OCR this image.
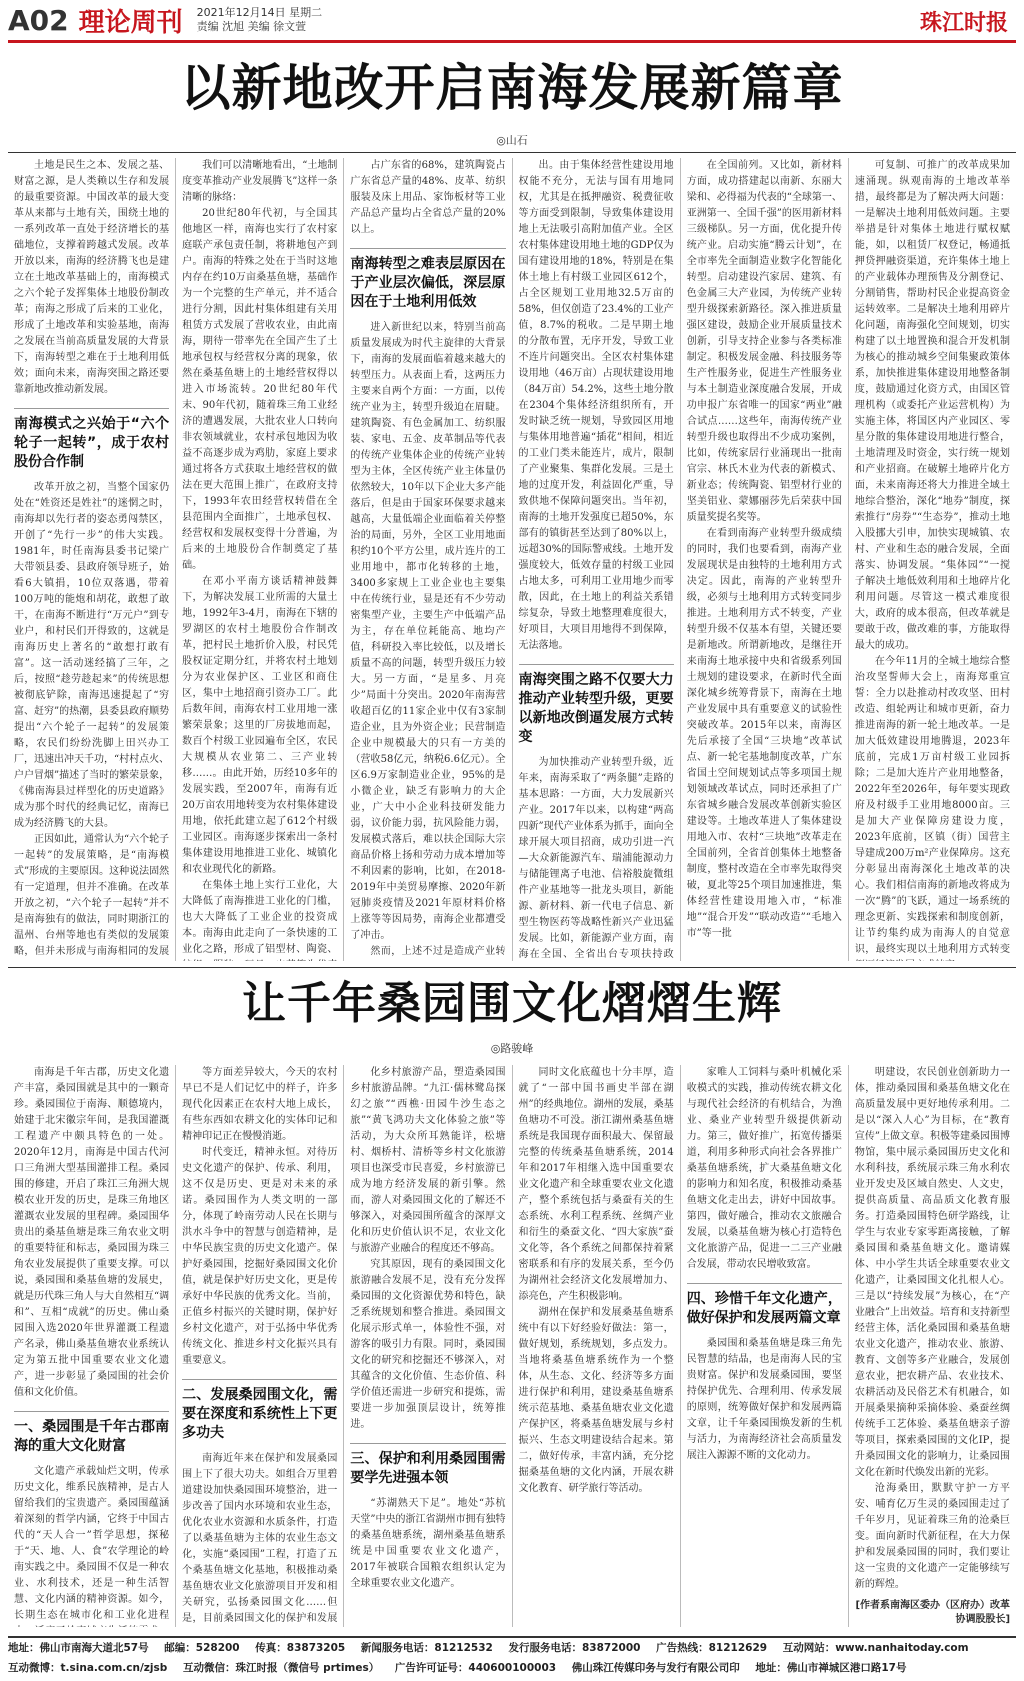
A02 理论周刊 2021年12月14日 星期二
责编 沈旭 美编 徐文萱	珠江时报
以新地改开启南海发展新篇章
◎山石

土地是民生之本、发展之基、财富之源，是人类赖以生存和发展的最重要资源。中国改革的最大变革从来都与土地有关，围绕土地的一系列改革一直处于经济增长的基础地位，支撑着跨越式发展。改革开放以来，南海的经济腾飞也是建立在土地改革基础上的，南海模式之六个轮子发挥集体土地股份制改革；南海之形成了后来的工业化，形成了土地改革和实验基地，南海之发展在当前高质量发展的大背景下，南海转型之难在于土地利用低效；面向未来，南海突围之路还要靠新地改推动新发展。

南海模式之兴始于“六个轮子一起转”，成于农村股份合作制

改革开放之初，当整个国家仍处在“姓资还是姓社”的迷惘之时，南海却以先行者的姿态勇闯禁区，开创了“先行一步”的伟大实践。1981年，时任南海县委书记梁广大带领县委、县政府领导班子，始看6大镇捐，10位双落遇，带着100万吨的能炮和胡花，敢想了敢干，在南海不断进行“万元户”到专业户，和村民们开得致的，这就是南海历史上著名的“敢想打敢有富”。这一活动迷经搞了三年，之后，按照“趁劳趁起来”的传统思想被彻底铲除，南海迅速提起了“穷富、赶穷”的热潮，县委县政府顺势提出“六个轮子一起转”的发展策略，农民们纷纷洗脚上田兴办工厂，迅速出冲天千功，“村村点火、户户冒烟”描述了当时的繁荣景象，《佛南海县过样型化的历史道路》成为那个时代的经典记忆，南海已成为经济腾飞的大县。

正因如此，通常认为“六个轮子一起转”的发展策略，是“南海模式”形成的主要原因。这种说法固然有一定道理，但并不准确。在改革开放之初，“六个轮子一起转”并不是南海独有的做法，同时期浙江的温州、台州等地也有类似的发展策略，但并未形成与南海相同的发展

我们可以清晰地看出，“土地制度变革推动产业发展腾飞”这样一条清晰的脉络：

20世纪80年代初，与全国其他地区一样，南海也实行了农村家庭联产承包责任制，将耕地包产到户。南海的特殊之处在于当时这地内存在约10万亩桑基鱼塘，基础作为一个完整的生产单元，并不适合进行分割，因此村集体组建有关用租赁方式发展了营收农业，由此南海，期待一带率先在全国产生了土地承包权与经营权分离的现象，依然在桑基鱼塘上的土地经营权得以进入市场流转。20世纪80年代末、90年代初，随着珠三角工业经济的遭遇发展，大批农业人口转向非农领域就业，农村承包地因为收益不高逐步成为鸡肋，家庭上要求通过将各方式获取土地经营权的做法在更大范围上推广，在政府支持下，1993年农田经营权转借在全县范围内全面推广，土地承包权、经营权和发展权变得十分普遍，为后来的土地股份合作制奠定了基础。

在邓小平南方谈话精神鼓舞下，为解决发展工业所需的大量土地，1992年3-4月，南海在下辖的罗湖区的农村土地股份合作制改革，把村民土地折价入股，村民凭股权证定期分红，并将农村土地划分为农业保护区、工业区和商住区，集中土地招商引资办工厂。此后数年间，南海农村工业用地一涨繁荣景象；这里的厂房拔地而起，数百个村级工业园遍布全区，农民大规模从农业第二、三产业转移……。由此开始，历经10多年的发展实践，至2007年，南海有近20万亩农用地转变为农村集体建设用地，依托此建立起了612个村级工业园区。南海逐步探索出一条村集体建设用地推进工业化、城镇化和农业现代化的新路。

在集体土地上实行工业化，大大降低了南海推进工业化的门槛，也大大降低了工业企业的投资成本。南海由此走向了一条快速的工业化之路，形成了铝型材、陶瓷、

占广东省的68%，建筑陶瓷占广东省总产量的48%、皮革、纺织服装及床上用品、家饰板材等工业产品总产量均占全省总产量的20%以上。

南海转型之难表层原因在于产业层次偏低，深层原因在于土地利用低效

进入新世纪以来，特别当前高质量发展成为时代主旋律的大背景下，南海的发展面临着越来越大的转型压力。从表面上看，这两压力主要来自两个方面：一方面，以传统产业为主，转型升级迫在眉睫。建筑陶瓷、有色金属加工、纺织服装、家电、五金、皮革制品等代表的传统产业集体企业的传统产业转型为主体，全区传统产业主体量仍依然较大，10年以下企业大多产能落后，但是由于国家环保要求越来越高，大量低端企业面临着关停整治的局面，另外，全区工业用地面积约10个平方公里，成片连片的工业用地中，都市化转移的土地，3400多家规上工业企业也主要集中在传统行业，显是还有不少劳动密集型产业，主要生产中低端产品为主，存在单位耗能高、地均产值，科研投入率比较低，以及增长质量不高的问题，转型升级压力较大。另一方面，“是星多、月亮少”局面十分突出。2020年南海营收超百亿的11家企业中仅有3家制造企业，且为外资企业；民营制造企业中规模最大的只有一方美的（营收58亿元，纳税6.6亿元）。全区6.9万家制造业企业，95%的是小微企业，缺乏有影响力的大企业，广大中小企业科技研发能力弱，议价能力弱，抗风险能力弱，发展模式落后，难以扶企国际大宗商品价格上扬和劳动力成本增加等不利因素的影响，比如，在2018-2019年中美贸易摩擦、2020年新冠肺炎疫情及2021年原材料价格上涨等等因局势，南海企业都遭受了冲击。

然而，上述不过是造成产业转

出。由于集体经营性建设用地权能不充分，无法与国有用地同权，尤其是在抵押融资、税费征收等方面受到限制，导致集体建设用地上无法吸引高附加值产业。全区农村集体建设用地土地的GDP仅为国有建设用地的18%，特别是在集体土地上有村级工业园区612个，占全区规划工业用地32.5万亩的58%，但仅创造了23.4%的工业产值，8.7%的税收。二是早期土地的分散布置，无序开发，导致工业不连片问题突出。全区农村集体建设用地（46万亩）占现状建设用地（84万亩）54.2%，这些土地分散在2304个集体经济组织所有，开发时缺乏统一规划，导致园区用地与集体用地普遍“插花”相间，相近的工业门类未能连片，成片，限制了产业聚集、集群化发展。三是土地的过度开发，利益固化严重，导致供地不保障问题突出。当年初，南海的土地开发强度已超50%，东部有的镇街甚至达到了80%以上，远超30%的国际警戒线。土地开发强度较大，低效存量的村级工业园占地太多，可利用工业用地少而零散，因此，在土地上的利益关系错综复杂，导致土地整理难度很大，好项目，大项目用地得不到保障，无法落地。

南海突围之路不仅要大力推动产业转型升级，更要以新地改倒逼发展方式转变

为加快推动产业转型升级，近年来，南海采取了“两条腿”走路的基本思路：一方面，大力发展新兴产业。2017年以来，以构建“两高四新”现代产业体系为抓手，面向全球开展大项目招商，成功引进一汽—大众新能源汽车、瑞浦能源动力与储能锂离子电池、信裕般旋微组件产业基地等一批龙头项目，新能源、新材料、新一代电子信息、新型生物医药等战略性新兴产业迅猛发展。比如，新能源产业方面，南海在全国、全省出台专项扶持政

在全国前列。又比如，新材料方面，成功搭建起以南新、东丽大梁和、必得福为代表的“全球第一、亚洲第一、全国千强”的医用新材料三级梯队。另一方面，优化提升传统产业。启动实施“腾云计划”，在全市率先全面制造业数字化智能化转型。启动建设汽家居、建筑、有色金属三大产业园，为传统产业转型升级探索新路径。深入推进质量强区建设，鼓励企业开展质量技术创新，引导支持企业参与各类标准制定。积极发展金融、科技服务等生产性服务业，促进生产性服务业与本土制造业深度融合发展，开成功申报广东省唯一的国家“两业”融合试点……这些年，南海传统产业转型升级也取得出不少成功案例，比如，传统家居行业涌现出一批南官宗、林氏木业为代表的新模式、新业态；传统陶瓷、铝型材行业的坚美铝业、蒙娜丽莎先后荣获中国质量奖提名奖等。

在看到南海产业转型升级成绩的同时，我们也要看到，南海产业发展现状是由独特的土地利用方式决定。因此，南海的产业转型升级，必须与土地利用方式转变同步推进。土地利用方式不转变，产业转型升级不仅基本有望，关键还要是新地改。所谓新地改，是继往开来南海土地承接中央和省级系列国土规划的建设要求，在新时代全面深化城乡统筹背景下，南海在土地产业发展中具有重要意义的试验性突破改革。2015年以来，南海区先后承接了全国“三块地”改革试点、新一轮宅基地制度改革，广东省国土空间规划试点等多项国土规划领域改革试点，同时还承担了广东省城乡融合发展改革创新实验区建设等。土地改革进人了集体建设用地入市、农村“三块地”改革走在全国前列，全省首创集体土地整备制度，整村改造在全市率先取得突破，夏北等25个项目加速推进，集体经营性建设用地入市，“标准地”“混合开发”“联动改造”“毛地入市”等一批

可复制、可推广的改革成果加速涌现。纵观南海的土地改革举措，最终都是为了解决两大问题：一是解决土地利用低效问题。主要举措是针对集体土地进行赋权赋能，如，以租赁厂权登记，畅通抵押贷押融资渠道，充许集体土地上的产业载体办理预售及分割登记、分割销售，帮助村民企业提高资金运转效率。二是解决土地利用碎片化问题，南海强化空间规划，切实构建了以土地置换和混合开发机制为核心的推动城乡空间集聚政策体系，加快推进集体建设用地整备制度，鼓励通过化资方式，由国区管理机构（或委托产业运营机构）为实施主体，将国区内产业园区、零星分散的集体建设用地进行整合，土地清理及时资金，实行统一规划和产业招商。在破解土地碎片化方面，未来南海还将大力推进全域土地综合整治，深化“地券”制度，探索推行“房券”“生态券”，推动土地入股挪大引申，加快实现城镇、农村、产业和生态的融合发展，全面落实、协调发展。“集体园”“一搅子解决土地低效利用和土地碎片化利用问题。尽管这一模式难度很大，政府的成本很高，但改革就是要敢于改，做改难的事，方能取得最大的成功。

在今年11月的全城土地综合整治攻坚誓师大会上，南海郑重宣誓：全力以赴推动村改攻坚、田村改造、组轮两让和城市更新，奋力推进南海的新一轮土地改革。一是加大低效建设用地腾退，2023年底前，完成1万亩村级工业园拆除；二是加大连片产业用地整备，2022年至2026年，每年要实现政府及村级手工业用地8000亩。三是加大产业保障房建设力度，2023年底前，区镇（街）国营主导建成200万m²产业保障房。这充分彰显出南海深化土地改革的决心。我们相信南海的新地改将成为一次“腾”的飞跃，通过一场系统的理念更新、实践探索和制度创新，让节约集约成为南海人的自觉意识，最终实现以土地利用方式转变

让千年桑园围文化熠熠生辉
◎路骏峰

南海是千年古郡，历史文化遗产丰富，桑园围就是其中的一颗奇珍。桑园围位于南海、顺德境内，始建于北宋徽宗年间，是我国灌溉工程遗产中颇具特色的一处。2020年12月，南海是中国古代河口三角洲大型基围灌排工程。桑园围的修建，开启了珠江三角洲大规模农业开发的历史，是珠三角地区灌溉农业发展的里程碑。桑园围华贵出的桑基鱼塘是珠三角农业文明的重要特征和标志，桑园围为珠三角农业发展提供了重要支撑。可以说，桑园围和桑基鱼塘的发展史，就是历代珠三角人与大自然相互“调和”、互相“成就”的历史。佛山桑园围入选2020年世界灌溉工程遗产名录，佛山桑基鱼塘农业系统认定为第五批中国重要农业文化遗产，进一步彰显了桑园围的社会价值和文化价值。

一、桑园围是千年古郡南海的重大文化财富

文化遗产承载灿烂文明，传承历史文化，维系民族精神，是古人留给我们的宝贵遗产。桑园围蕴涵着深刻的哲学内涵，它终于中国古代的“天人合一”哲学思想，探秘于“天、地、人、食”农学理论的岭南实践之中。桑园围不仅是一种农业、水利技术，还是一种生活智慧、文化内涵的精神资源。如今，长期生态在城市化和工业化进程

等方面差异较大，今天的农村早已不是人们记忆中的样子，许多现代化因素正在农村大地上成长，有些东西如农耕文化的实体印记和精神印记正在慢慢消逝。

时代变迁，精神永恒。对待历史文化遗产的保护、传承、利用，这不仅是历史、更是对未来的承诺。桑园围作为人类文明的一部分，体现了岭南劳动人民在长期与洪水斗争中的智慧与创造精神，是中华民族宝贵的历史文化遗产。保护好桑园围，挖掘好桑园围文化价值，就是保护好历史文化，更是传承好中华民族的优秀文化。当前，正值乡村振兴的关键时期，保护好乡村文化遗产，对于弘扬中华优秀传统文化、推进乡村文化振兴具有重要意义。

二、发展桑园围文化，需要在深度和系统性上下更多功夫

南海近年来在保护和发展桑园围上下了很大功夫。如组合万里碧道建设加快桑园围环境整治，进一步改善了国内水环境和农业生态，优化农业水资源和水质条件，打造了以桑基鱼塘为主体的农业生态文化，实施“桑园围”工程，打造了五个桑基鱼塘文化基地，积极推动桑基鱼塘农业文化旅游项目开发和相关研究，弘扬桑园围文化……但是，目前桑园围文化的保护和发展

化乡村旅游产品，塑造桑园围乡村旅游品牌。“九江·儒林鹭岛探幻之旅”“西樵·田园牛沙生态之旅”“黄飞鸿功夫文化体验之旅”等活动，为大众所耳熟能详，松塘村、烟桥村、清桥等乡村文化旅游项目也深受市民喜爱，乡村旅游已成为地方经济发展的新引擎。然而，游人对桑园围文化的了解还不够深入，对桑园围所蕴含的深厚文化和历史价值认识不足，农业文化与旅游产业融合的程度还不够高。

究其原因，现有的桑园围文化旅游融合发展不足，没有充分发挥桑园围的文化资源优势和特色，缺乏系统规划和整合推进。桑园围文化展示形式单一，体验性不强，对游客的吸引力有限。同时，桑园围文化的研究和挖掘还不够深入，对其蕴含的文化价值、生态价值、科学价值还需进一步研究和提炼，需要进一步加强顶层设计，统筹推进。

三、保护和利用桑园围需要学先进强本领

“苏湖熟天下足”。地处“苏杭天堂”中央的浙江省湖州市拥有独特的桑基鱼塘系统，湖州桑基鱼塘系统是中国重要农业文化遗产，2017年被联合国粮农组织认定为全球重要农业文化遗产。

同时文化底蕴也十分丰厚，造就了“一部中国书画史半部在湖州”的经典地位。湖州的发展，桑基鱼塘功不可没。浙江湖州桑基鱼塘系统是我国现存面积最大、保留最完整的传统桑基鱼塘系统，2014年和2017年相继入选中国重要农业文化遗产和全球重要农业文化遗产，整个系统包括与桑蚕有关的生态系统、水利工程系统、丝绸产业和衍生的桑蚕文化、“四大家族”蚕文化等，各个系统之间都保持着紧密联系和有序的发展关系，至今仍为湖州社会经济文化发展增加力、添亮色，产生积极影响。

湖州在保护和发展桑基鱼塘系统中有以下好经验好做法：第一，做好规划，系统规划，多点发力。当地将桑基鱼塘系统作为一个整体，从生态、文化、经济等多方面进行保护和利用，建设桑基鱼塘系统示范基地、桑基鱼塘农业文化遗产保护区，将桑基鱼塘发展与乡村振兴、生态文明建设结合起来。第二，做好传承，丰富内涵，充分挖掘桑基鱼塘的文化内涵，开展农耕文化教育、研学旅行等活动。

家唯人工饲料与桑叶机械化采收模式的实践，推动传统农耕文化与现代社会经济的有机结合，为渔业、桑业产业转型升级提供新动力。第三，做好推广，拓宽传播渠道，利用多种形式向社会各界推广桑基鱼塘系统，扩大桑基鱼塘文化的影响力和知名度，积极推动桑基鱼塘文化走出去，讲好中国故事。第四，做好融合，推动农文旅融合发展，以桑基鱼塘为核心打造特色文化旅游产品，促进一二三产业融合发展，带动农民增收致富。

四、珍惜千年文化遗产，做好保护和发展两篇文章

桑园围和桑基鱼塘是珠三角先民智慧的结晶，也是南海人民的宝贵财富。保护和发展桑园围，要坚持保护优先、合理利用、传承发展的原则，统筹做好保护和发展两篇文章，让千年桑园围焕发新的生机与活力，为南海经济社会高质量发展注入源源不断的文化动力。

明建设，农民创业创新助力一体，推动桑园围和桑基鱼塘文化在高质量发展中更好地传承利用。二是以“深入人心”为目标，在“教育宣传”上做文章。积极等建桑园围博物馆，集中展示桑园围历史文化和水利科技，系统展示珠三角水利农业开发史及区域自然史、人文史，提供高质量、高品质文化教育服务。打造桑园围特色研学路线，让学生与农业专家零距离接触，了解桑园围和桑基鱼塘文化。邀请媒体、中小学生共话全球重要农业文化遗产，让桑园围文化扎根人心。三是以“持续发展”为核心，在“产业融合”上出效益。培育和支持新型经营主体，活化桑园围和桑基鱼塘农业文化遗产，推动农业、旅游、教育、文创等多产业融合，发展创意农业，把农耕产品、农业技术、农耕活动及民俗艺术有机融合，如开展桑果摘种采摘体验、桑蚕丝绸传统手工艺体验、桑基鱼塘亲子游等项目，探索桑园围的文化IP，提升桑园围文化的影响力，让桑园围文化在新时代焕发出新的光彩。

沧海桑田，默默守护一方平安、哺育亿万生灵的桑园围走过了千年岁月，见证着珠三角的沧桑巨变。面向新时代新征程，在大力保护和发展桑园围的同时，我们要让这一宝贵的文化遗产一定能够续写新的辉煌。

[作者系南海区委办（区府办）改革协调股股长]
地址：佛山市南海大道北57号 邮编：528200 传真：83873205 新闻服务电话：81212532 发行服务电话：83872000 广告热线：81212629 互动网站：www.nanhaitoday.com
互动微博：t.sina.com.cn/zjsb 互动微信：珠江时报（微信号 prtimes） 广告许可证号：440600100003 佛山珠江传媒印务与发行有限公司印 地址：佛山市禅城区港口路17号
